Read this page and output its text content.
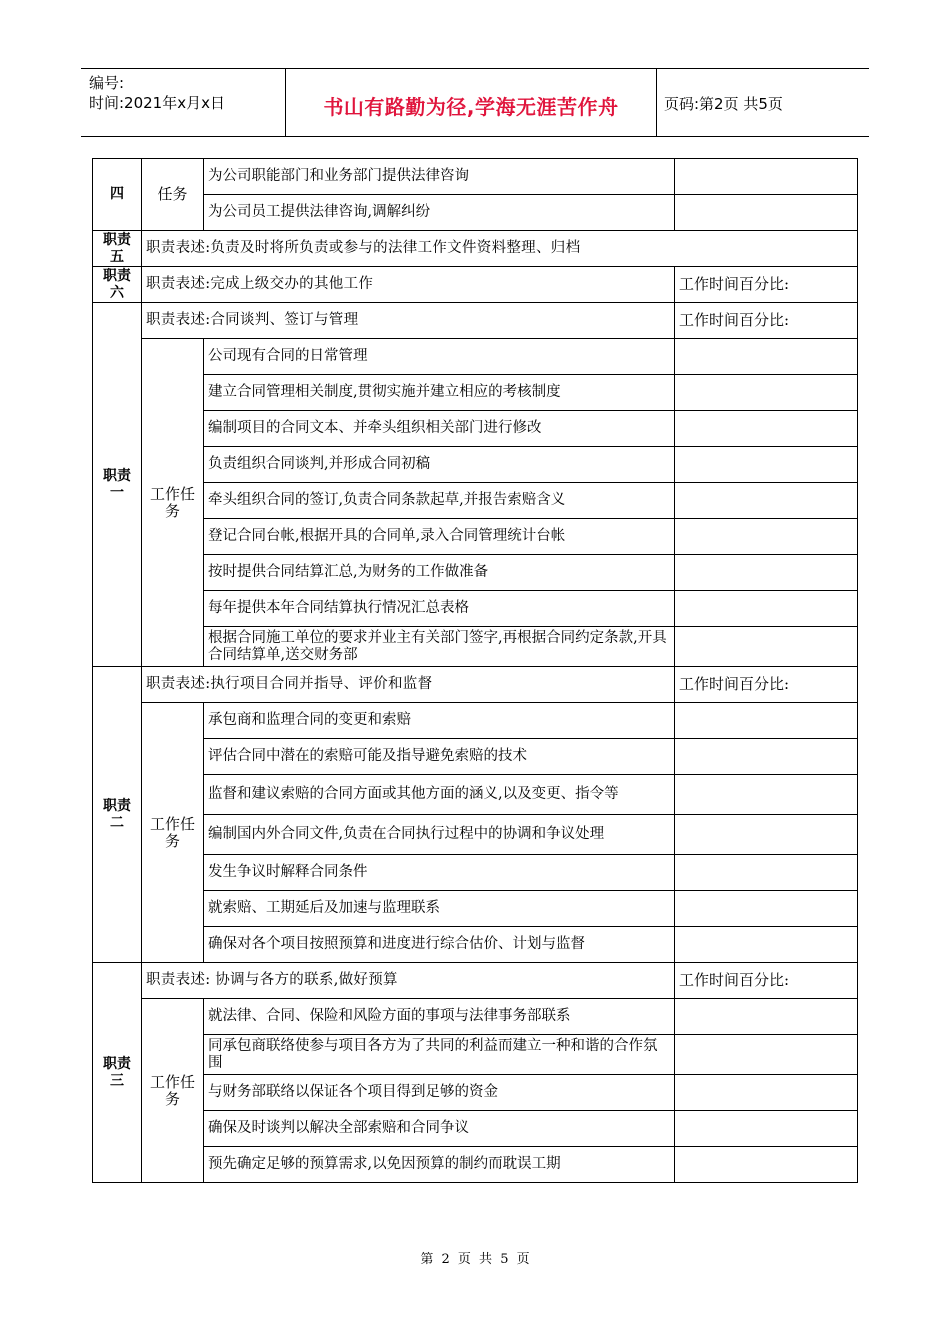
编号:
时间:2021年x月x日	书山有路勤为径,学海无涯苦作舟	页码:第2页 共5页
四	任务	为公司职能部门和业务部门提供法律咨询	
		为公司员工提供法律咨询,调解纠纷	
职责五	职责表述:负责及时将所负责或参与的法律工作文件资料整理、归档		
职责六	职责表述:完成上级交办的其他工作		工作时间百分比:
职责一	职责表述:合同谈判、签订与管理		工作时间百分比:
	工作任务	公司现有合同的日常管理	
		建立合同管理相关制度,贯彻实施并建立相应的考核制度	
		编制项目的合同文本、并牵头组织相关部门进行修改	
		负责组织合同谈判,并形成合同初稿	
		牵头组织合同的签订,负责合同条款起草,并报告索赔含义	
		登记合同台帐,根据开具的合同单,录入合同管理统计台帐	
		按时提供合同结算汇总,为财务的工作做准备	
		每年提供本年合同结算执行情况汇总表格	
		根据合同施工单位的要求并业主有关部门签字,再根据合同约定条款,开具合同结算单,送交财务部	
职责二	职责表述:执行项目合同并指导、评价和监督		工作时间百分比:
	工作任务	承包商和监理合同的变更和索赔	
		评估合同中潜在的索赔可能及指导避免索赔的技术	
		监督和建议索赔的合同方面或其他方面的涵义,以及变更、指令等	
		编制国内外合同文件,负责在合同执行过程中的协调和争议处理	
		发生争议时解释合同条件	
		就索赔、工期延后及加速与监理联系	
		确保对各个项目按照预算和进度进行综合估价、计划与监督	
职责三	职责表述: 协调与各方的联系,做好预算		工作时间百分比:
	工作任务	就法律、合同、保险和风险方面的事项与法律事务部联系	
		同承包商联络使参与项目各方为了共同的利益而建立一种和谐的合作氛围	
		与财务部联络以保证各个项目得到足够的资金	
		确保及时谈判以解决全部索赔和合同争议	
		预先确定足够的预算需求,以免因预算的制约而耽误工期	
第 2 页 共 5 页
